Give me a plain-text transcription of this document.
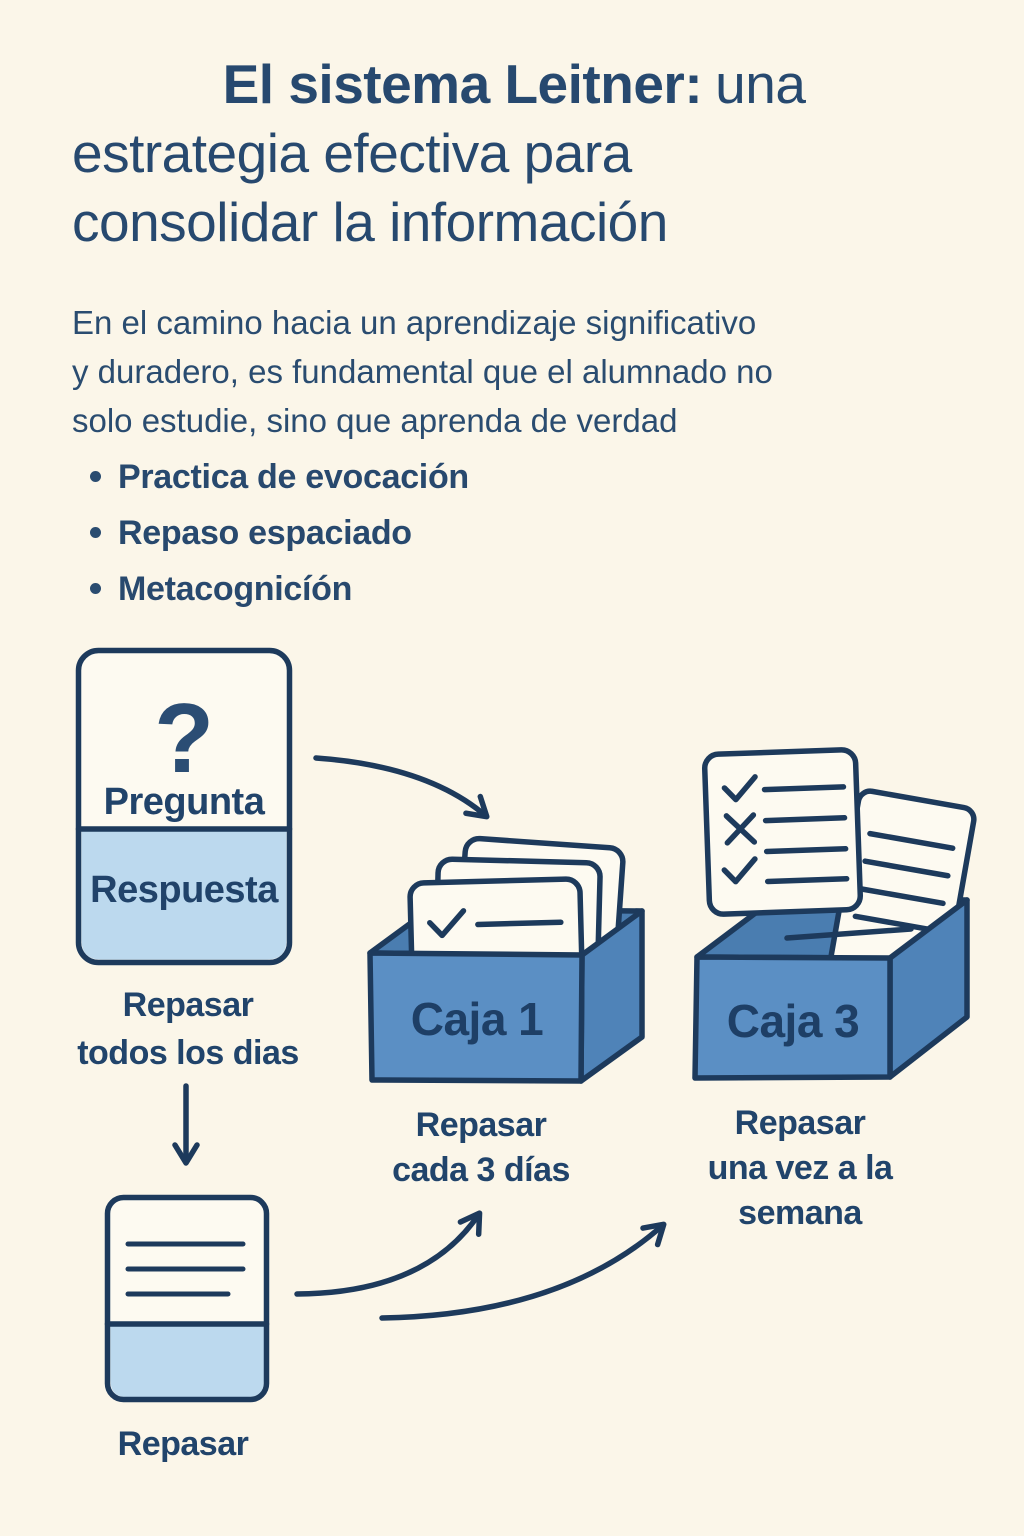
El sistema Leitner: una
estrategia efectiva para
consolidar la información
En el camino hacia un aprendizaje significativo
y duradero, es fundamental que el alumnado no
solo estudie, sino que aprenda de verdad
Practica de evocación
Repaso espaciado
Metacognicíón
?
Pregunta
Respuesta
Repasar
todos los dias
Repasar
Caja 1
Repasar
cada 3 días
Caja 3
Repasar
una vez a la
semana
